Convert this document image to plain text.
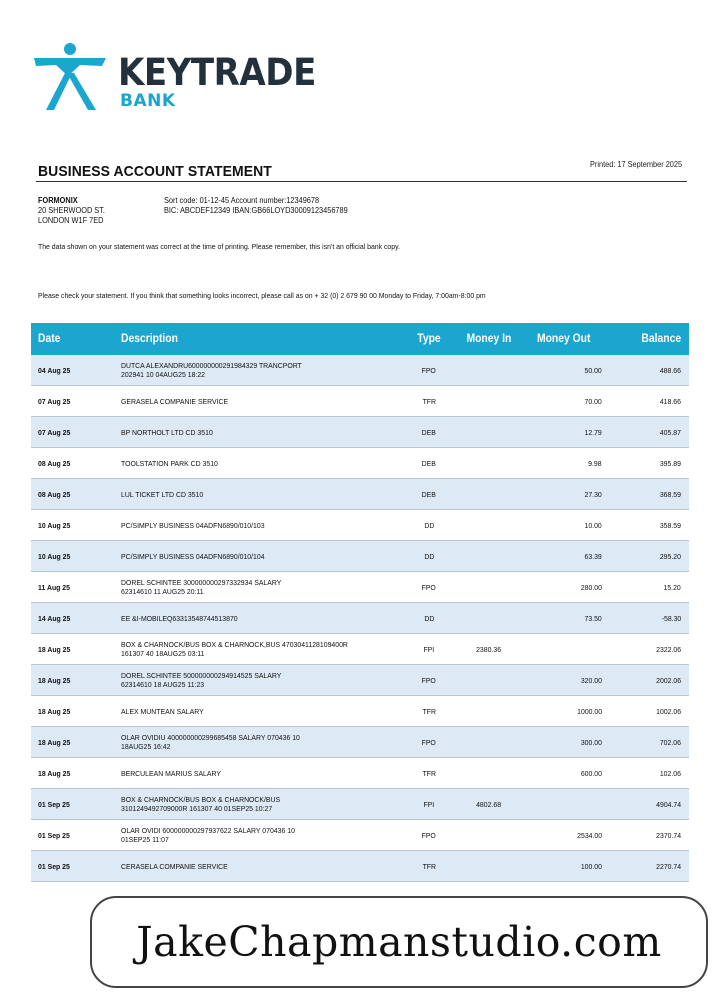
KEYTRADE
BANK
BUSINESS ACCOUNT STATEMENT	Printed: 17 September 2025
FORMONIX
20 SHERWOOD ST.
LONDON W1F 7ED
Sort code: 01-12-45 Account number:12349678
BIC: ABCDEF12349 IBAN:GB66LOYD30009123456789
The data shown on your statement was correct at the time of printing. Please remember, this isn't an official bank copy.
Please check your statement. If you think that something looks incorrect, please call as on + 32 (0) 2 679 90 00 Monday to Friday, 7:00am-8:00 pm
Date	Description	Type	Money In	Money Out	Balance
04 Aug 25	DUTCA ALEXANDRU600000000291984329 TRANCPORT
202941 10 04AUG25 18:22	FPO		50.00	488.66
07 Aug 25	GERASELA COMPANIE SERVICE	TFR		70.00	418.66
07 Aug 25	BP NORTHOLT LTD CD 3510	DEB		12.79	405.87
08 Aug 25	TOOLSTATION PARK CD 3510	DEB		9.98	395.89
08 Aug 25	LUL TICKET LTD CD 3510	DEB		27.30	368.59
10 Aug 25	PC/SIMPLY BUSINESS 04ADFN6890/010/103	DD		10.00	358.59
10 Aug 25	PC/SIMPLY BUSINESS 04ADFN6890/010/104	DD		63.39	295.20
11 Aug 25	DOREL SCHINTEE 300000000297332934 SALARY
62314610 11 AUG25 20:11	FPO		280.00	15.20
14 Aug 25	EE &I-MOBILEQ63313548744513870	DD		73.50	-58.30
18 Aug 25	BOX & CHARNOCK/BUS BOX & CHARNOCK,BUS 4703041128109400R
161307 40 18AUG25 03:11	FPI	2380.36		2322.06
18 Aug 25	DOREL SCHINTEE 500000000294914525 SALARY
62314610 18 AUG25 11:23	FPO		320.00	2002.06
18 Aug 25	ALEX MUNTEAN SALARY	TFR		1000.00	1002.06
18 Aug 25	OLAR OVIDIU 400000000299685458 SALARY 070436 10
18AUG25 16:42	FPO		300.00	702.06
18 Aug 25	BERCULEAN MARIUS SALARY	TFR		600.00	102.06
01 Sep 25	BOX & CHARNOCK/BUS BOX & CHARNOCK/BUS
3101249492709000R 161307 40 01SEP25 10:27	FPI	4802.68		4904.74
01 Sep 25	OLAR OVIDI 600000000297937622 SALARY 070436 10
01SEP25 11:07	FPO		2534.00	2370.74
01 Sep 25	CERASELA COMPANIE SERVICE	TFR		100.00	2270.74
JakeChapmanstudio.com
